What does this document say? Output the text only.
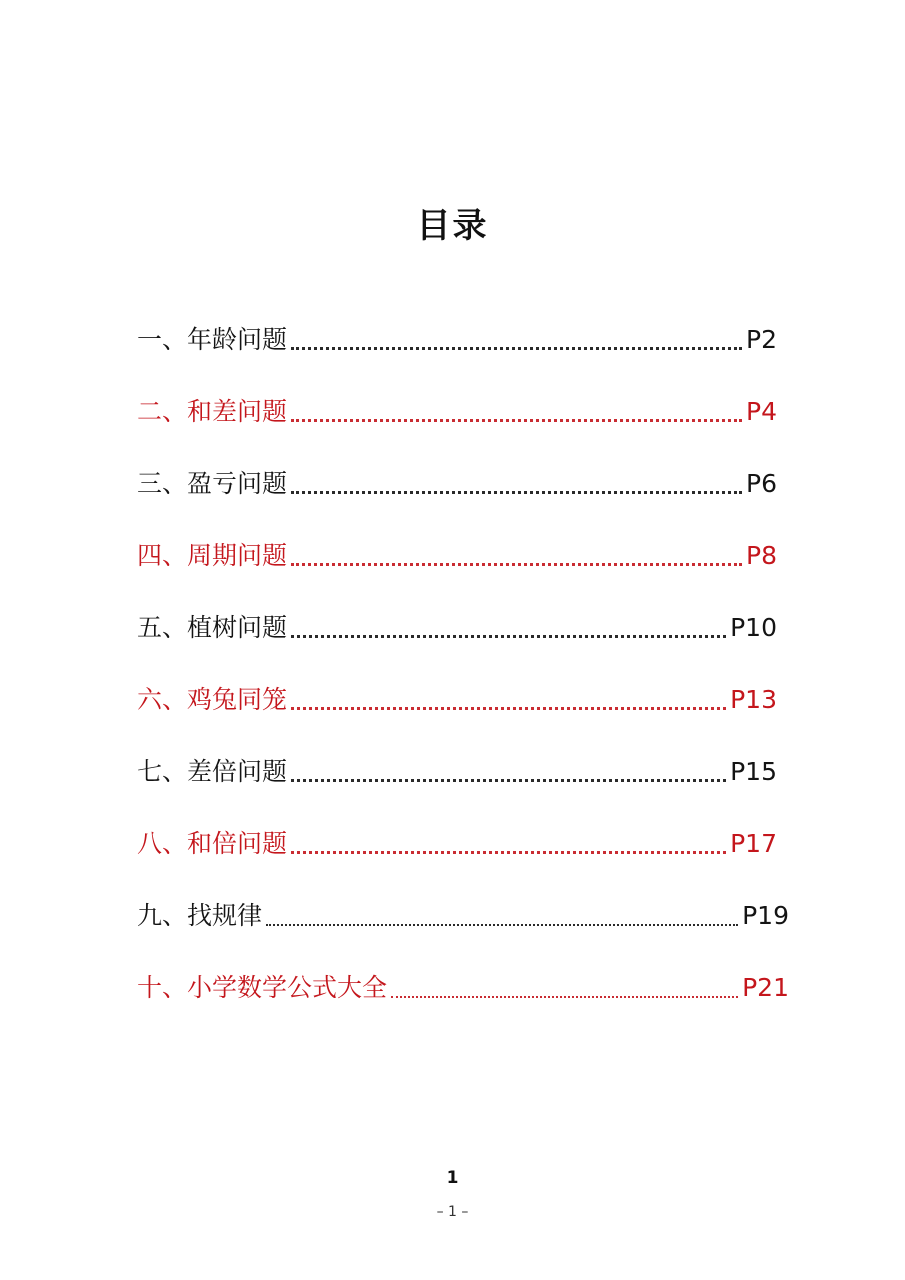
目录
一、年龄问题	P2
二、和差问题	P4
三、盈亏问题	P6
四、周期问题	P8
五、植树问题	P10
六、鸡兔同笼	P13
七、差倍问题	P15
八、和倍问题	P17
九、找规律	P19
十、小学数学公式大全	P21
1
– 1 –
